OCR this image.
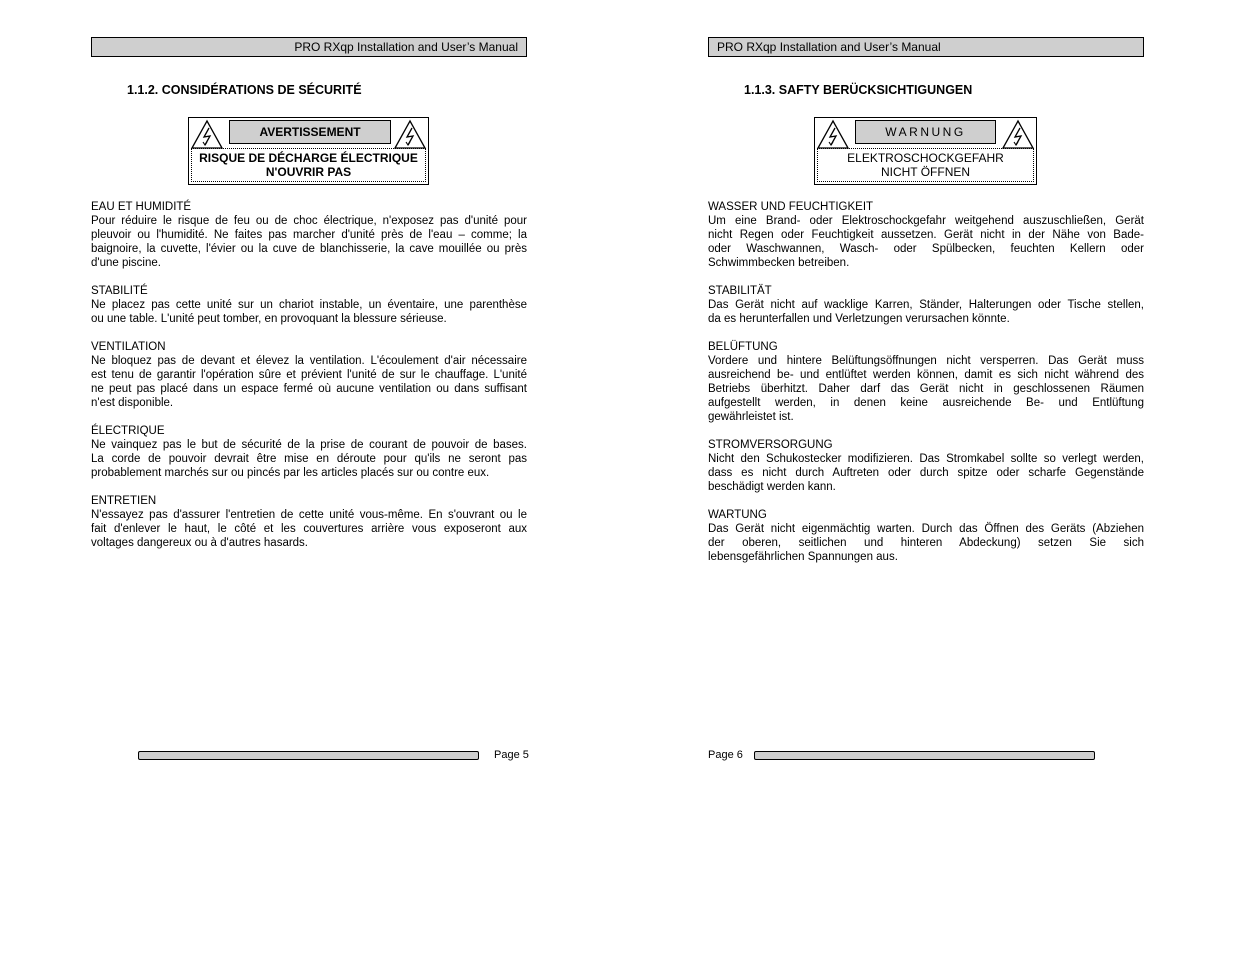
PRO RXqp Installation and User’s Manual
1.1.2. CONSIDÉRATIONS DE SÉCURITÉ
AVERTISSEMENT
RISQUE DE DÉCHARGE ÉLECTRIQUE
N'OUVRIR PAS
EAU ET HUMIDITÉ
Pour réduire le risque de feu ou de choc électrique, n'exposez pas d'unité pour
pleuvoir ou l'humidité. Ne faites pas marcher d'unité près de l'eau – comme; la
baignoire, la cuvette, l'évier ou la cuve de blanchisserie, la cave mouillée ou près
d'une piscine.
STABILITÉ
Ne placez pas cette unité sur un chariot instable, un éventaire, une parenthèse
ou une table. L'unité peut tomber, en provoquant la blessure sérieuse.
VENTILATION
Ne bloquez pas de devant et élevez la ventilation. L'écoulement d'air nécessaire
est tenu de garantir l'opération sûre et prévient l'unité de sur le chauffage. L'unité
ne peut pas placé dans un espace fermé où aucune ventilation ou dans suffisant
n'est disponible.
ÉLECTRIQUE
Ne vainquez pas le but de sécurité de la prise de courant de pouvoir de bases.
La corde de pouvoir devrait être mise en déroute pour qu'ils ne seront pas
probablement marchés sur ou pincés par les articles placés sur ou contre eux.
ENTRETIEN
N'essayez pas d'assurer l'entretien de cette unité vous-même. En s'ouvrant ou le
fait d'enlever le haut, le côté et les couvertures arrière vous exposeront aux
voltages dangereux ou à d'autres hasards.
Page 5
PRO RXqp Installation and User’s Manual
1.1.3. SAFTY BERÜCKSICHTIGUNGEN
WARNUNG
ELEKTROSCHOCKGEFAHR
NICHT ÖFFNEN
WASSER UND FEUCHTIGKEIT
Um eine Brand- oder Elektroschockgefahr weitgehend auszuschließen, Gerät
nicht Regen oder Feuchtigkeit aussetzen. Gerät nicht in der Nähe von Bade-
oder Waschwannen, Wasch- oder Spülbecken, feuchten Kellern oder
Schwimmbecken betreiben.
STABILITÄT
Das Gerät nicht auf wacklige Karren, Ständer, Halterungen oder Tische stellen,
da es herunterfallen und Verletzungen verursachen könnte.
BELÜFTUNG
Vordere und hintere Belüftungsöffnungen nicht versperren. Das Gerät muss
ausreichend be- und entlüftet werden können, damit es sich nicht während des
Betriebs überhitzt. Daher darf das Gerät nicht in geschlossenen Räumen
aufgestellt werden, in denen keine ausreichende Be- und Entlüftung
gewährleistet ist.
STROMVERSORGUNG
Nicht den Schukostecker modifizieren. Das Stromkabel sollte so verlegt werden,
dass es nicht durch Auftreten oder durch spitze oder scharfe Gegenstände
beschädigt werden kann.
WARTUNG
Das Gerät nicht eigenmächtig warten. Durch das Öffnen des Geräts (Abziehen
der oberen, seitlichen und hinteren Abdeckung) setzen Sie sich
lebensgefährlichen Spannungen aus.
Page 6
